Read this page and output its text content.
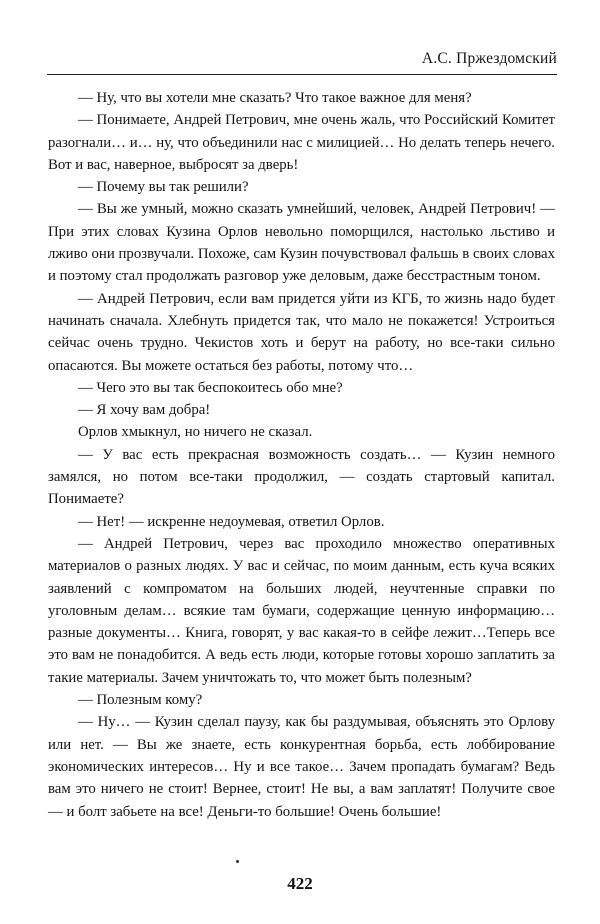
А.С. Пржездомский

— Ну, что вы хотели мне сказать? Что такое важное для меня?

— Понимаете, Андрей Петрович, мне очень жаль, что Российский Комитет разогнали… и… ну, что объединили нас с милицией… Но делать теперь нечего. Вот и вас, наверное, выбросят за дверь!

— Почему вы так решили?

— Вы же умный, можно сказать умнейший, человек, Андрей Петрович! — При этих словах Кузина Орлов невольно поморщился, настолько льстиво и лживо они прозвучали. Похоже, сам Кузин почувствовал фальшь в своих словах и поэтому стал продолжать разговор уже деловым, даже бесстрастным тоном.

— Андрей Петрович, если вам придется уйти из КГБ, то жизнь надо будет начинать сначала. Хлебнуть придется так, что мало не покажется! Устроиться сейчас очень трудно. Чекистов хоть и берут на работу, но все-таки сильно опасаются. Вы можете остаться без работы, потому что…

— Чего это вы так беспокоитесь обо мне?

— Я хочу вам добра!

Орлов хмыкнул, но ничего не сказал.

— У вас есть прекрасная возможность создать… — Кузин немного замялся, но потом все-таки продолжил, — создать стартовый капитал. Понимаете?

— Нет! — искренне недоумевая, ответил Орлов.

— Андрей Петрович, через вас проходило множество оперативных материалов о разных людях. У вас и сейчас, по моим данным, есть куча всяких заявлений с компроматом на больших людей, неучтенные справки по уголовным делам… всякие там бумаги, содержащие ценную информацию… разные документы… Книга, говорят, у вас какая-то в сейфе лежит…Теперь все это вам не понадобится. А ведь есть люди, которые готовы хорошо заплатить за такие материалы. Зачем уничтожать то, что может быть полезным?

— Полезным кому?

— Ну… — Кузин сделал паузу, как бы раздумывая, объяснять это Орлову или нет. — Вы же знаете, есть конкурентная борьба, есть лоббирование экономических интересов… Ну и все такое… Зачем пропадать бумагам? Ведь вам это ничего не стоит! Вернее, стоит! Не вы, а вам заплатят! Получите свое — и болт забьете на все! Деньги-то большие! Очень большие!

422
